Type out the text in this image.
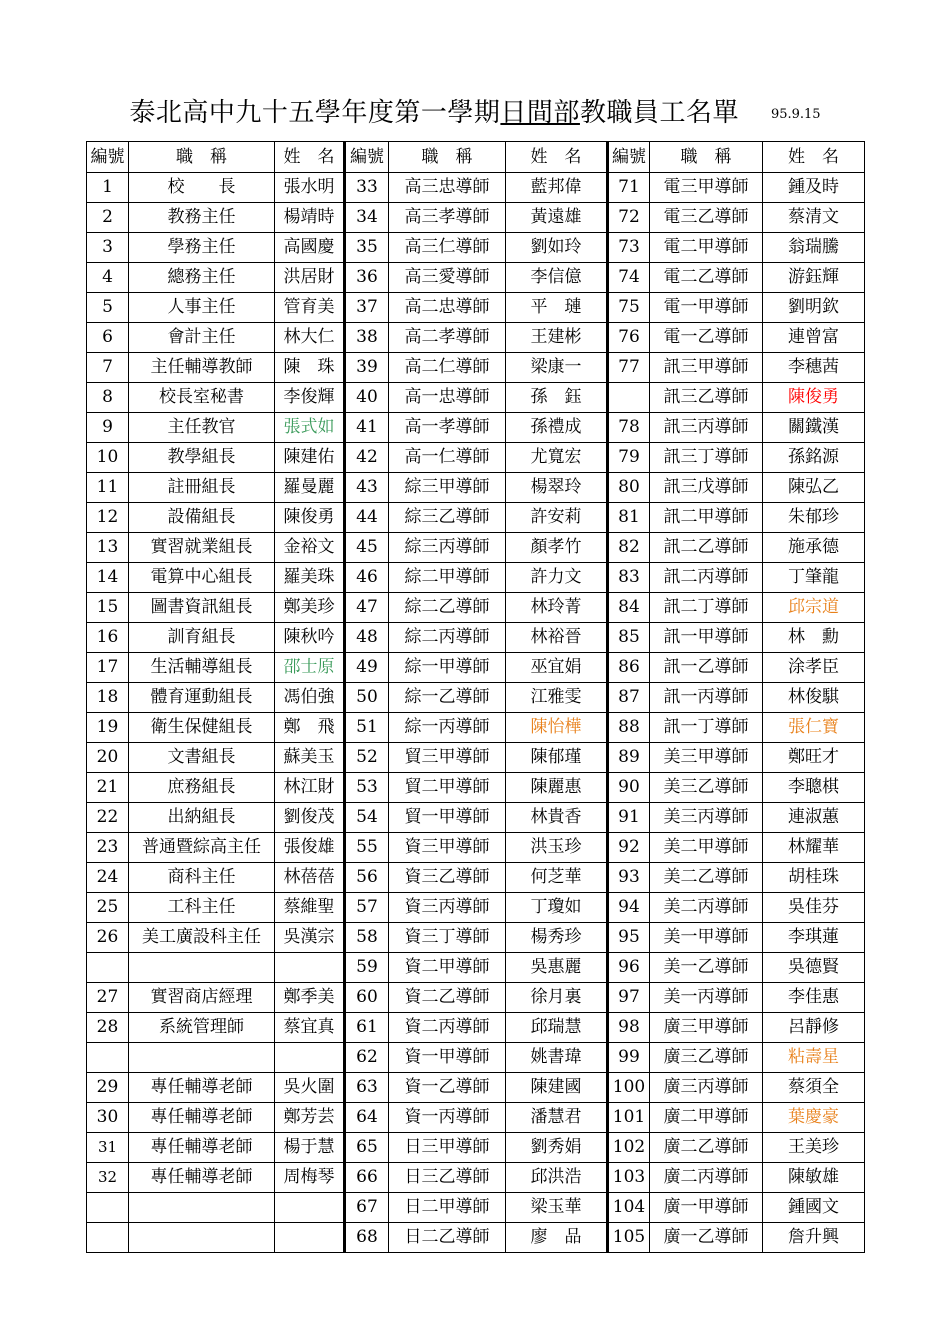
泰北高中九十五學年度第一學期日間部教職員工名單 95.9.15
編號	職　稱	姓　名	編號	職　稱	姓　名	編號	職　稱	姓　名
1	校　　長	張水明	33	高三忠導師	藍邦偉	71	電三甲導師	鍾及時
2	教務主任	楊靖時	34	高三孝導師	黃遠雄	72	電三乙導師	蔡清文
3	學務主任	高國慶	35	高三仁導師	劉如玲	73	電二甲導師	翁瑞騰
4	總務主任	洪居財	36	高三愛導師	李信億	74	電二乙導師	游鈺輝
5	人事主任	管育美	37	高二忠導師	平　璉	75	電一甲導師	劉明欽
6	會計主任	林大仁	38	高二孝導師	王建彬	76	電一乙導師	連曾富
7	主任輔導教師	陳　珠	39	高二仁導師	梁康一	77	訊三甲導師	李穗茜
8	校長室秘書	李俊輝	40	高一忠導師	孫　鈺		訊三乙導師	陳俊勇
9	主任教官	張式如	41	高一孝導師	孫禮成	78	訊三丙導師	關鐵漢
10	教學組長	陳建佑	42	高一仁導師	尤寬宏	79	訊三丁導師	孫銘源
11	註冊組長	羅曼麗	43	綜三甲導師	楊翠玲	80	訊三戊導師	陳弘乙
12	設備組長	陳俊勇	44	綜三乙導師	許安莉	81	訊二甲導師	朱郁珍
13	實習就業組長	金裕文	45	綜三丙導師	顏孝竹	82	訊二乙導師	施承德
14	電算中心組長	羅美珠	46	綜二甲導師	許力文	83	訊二丙導師	丁肇龍
15	圖書資訊組長	鄭美珍	47	綜二乙導師	林玲菁	84	訊二丁導師	邱宗道
16	訓育組長	陳秋吟	48	綜二丙導師	林裕晉	85	訊一甲導師	林　勳
17	生活輔導組長	邵士原	49	綜一甲導師	巫宜娟	86	訊一乙導師	涂孝臣
18	體育運動組長	馮伯強	50	綜一乙導師	江雅雯	87	訊一丙導師	林俊騏
19	衛生保健組長	鄭　飛	51	綜一丙導師	陳怡樺	88	訊一丁導師	張仁寶
20	文書組長	蘇美玉	52	貿三甲導師	陳郁瑾	89	美三甲導師	鄭旺才
21	庶務組長	林江財	53	貿二甲導師	陳麗惠	90	美三乙導師	李聰棋
22	出納組長	劉俊茂	54	貿一甲導師	林貴香	91	美三丙導師	連淑蕙
23	普通暨綜高主任	張俊雄	55	資三甲導師	洪玉珍	92	美二甲導師	林耀華
24	商科主任	林蓓蓓	56	資三乙導師	何芝華	93	美二乙導師	胡桂珠
25	工科主任	蔡維聖	57	資三丙導師	丁瓊如	94	美二丙導師	吳佳芬
26	美工廣設科主任	吳漢宗	58	資三丁導師	楊秀珍	95	美一甲導師	李琪蓮
			59	資二甲導師	吳惠麗	96	美一乙導師	吳德賢
27	實習商店經理	鄭季美	60	資二乙導師	徐月裏	97	美一丙導師	李佳惠
28	系統管理師	蔡宜真	61	資二丙導師	邱瑞慧	98	廣三甲導師	呂靜修
			62	資一甲導師	姚書瑋	99	廣三乙導師	粘壽星
29	專任輔導老師	吳火圍	63	資一乙導師	陳建國	100	廣三丙導師	蔡須全
30	專任輔導老師	鄭芳芸	64	資一丙導師	潘慧君	101	廣二甲導師	葉慶豪
31	專任輔導老師	楊于慧	65	日三甲導師	劉秀娟	102	廣二乙導師	王美珍
32	專任輔導老師	周梅琴	66	日三乙導師	邱洪浩	103	廣二丙導師	陳敏雄
			67	日二甲導師	梁玉華	104	廣一甲導師	鍾國文
			68	日二乙導師	廖　品	105	廣一乙導師	詹升興
